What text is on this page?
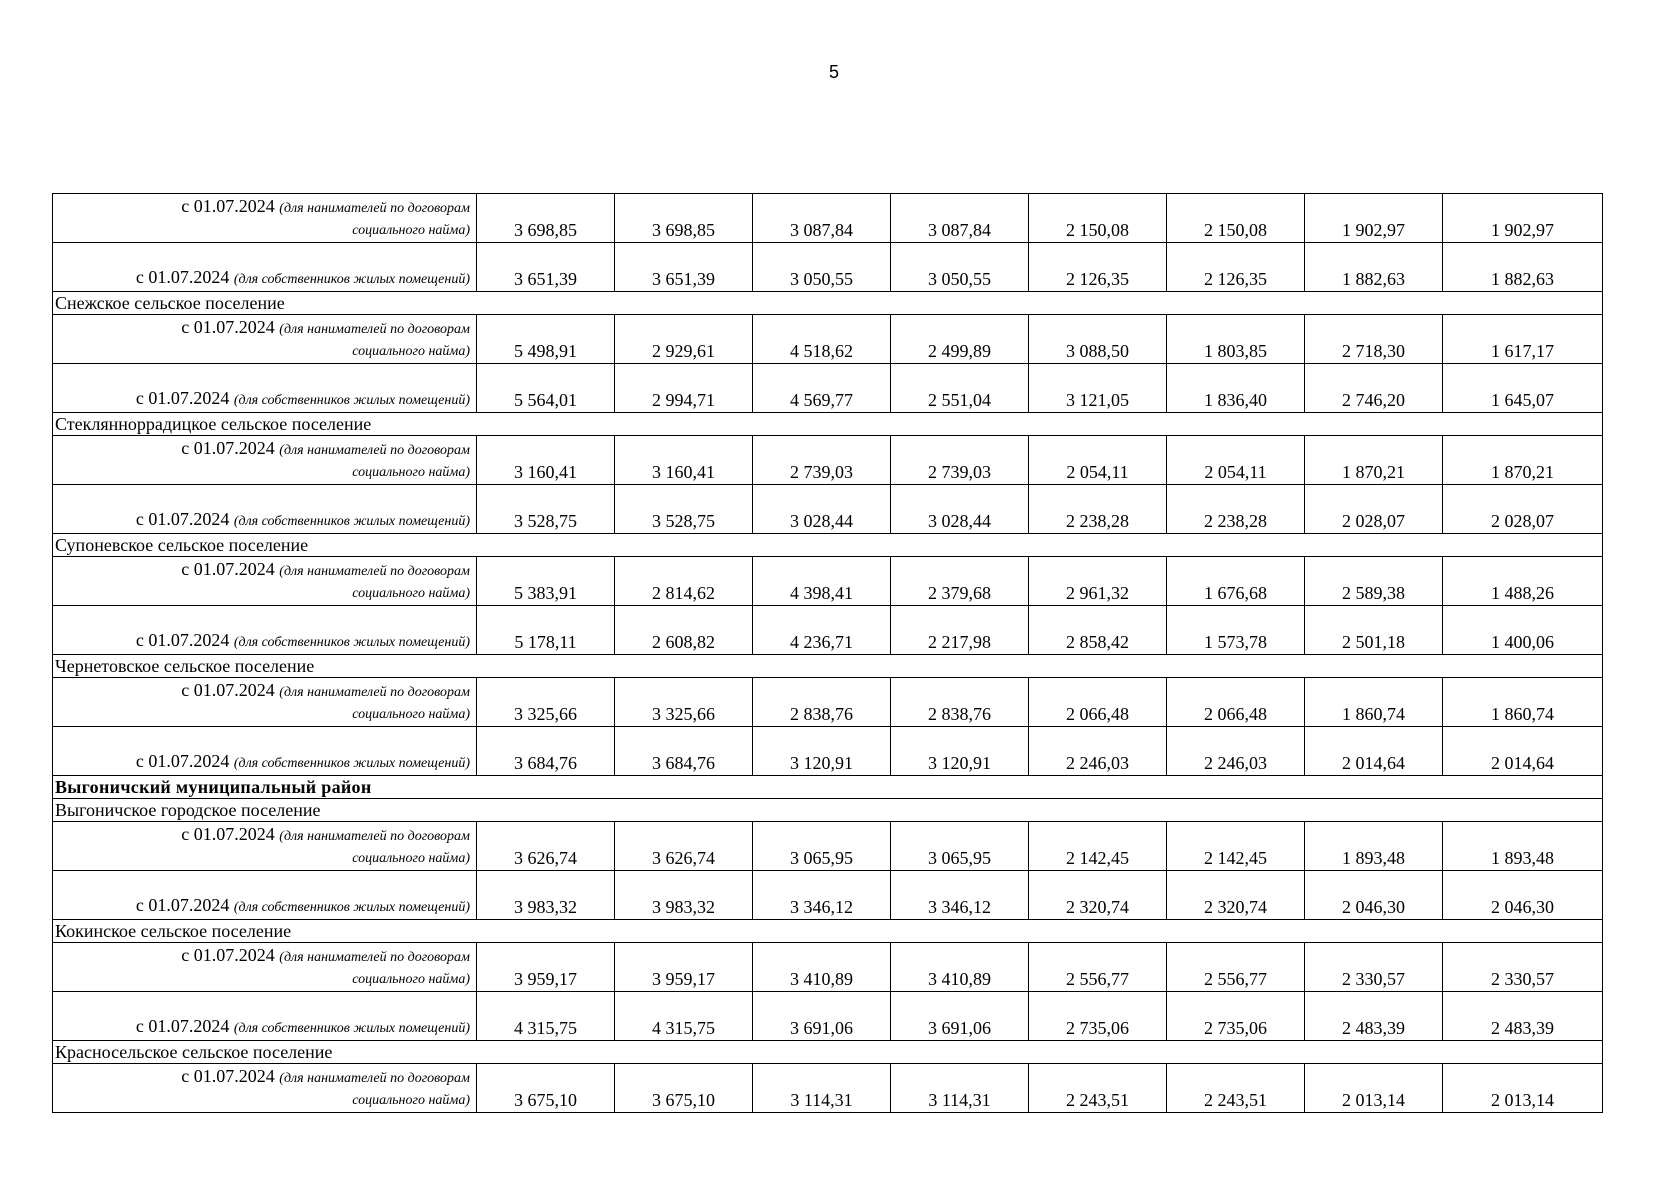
5
с 01.07.2024 (для нанимателей по договорам
социального найма)	3 698,85	3 698,85	3 087,84	3 087,84	2 150,08	2 150,08	1 902,97	1 902,97
с 01.07.2024 (для собственников жилых помещений)	3 651,39	3 651,39	3 050,55	3 050,55	2 126,35	2 126,35	1 882,63	1 882,63
Снежское сельское поселение								

с 01.07.2024 (для нанимателей по договорам
социального найма)	5 498,91	2 929,61	4 518,62	2 499,89	3 088,50	1 803,85	2 718,30	1 617,17
с 01.07.2024 (для собственников жилых помещений)	5 564,01	2 994,71	4 569,77	2 551,04	3 121,05	1 836,40	2 746,20	1 645,07
Стеклянноррадицкое сельское поселение								

с 01.07.2024 (для нанимателей по договорам
социального найма)	3 160,41	3 160,41	2 739,03	2 739,03	2 054,11	2 054,11	1 870,21	1 870,21
с 01.07.2024 (для собственников жилых помещений)	3 528,75	3 528,75	3 028,44	3 028,44	2 238,28	2 238,28	2 028,07	2 028,07
Супоневское сельское поселение								

с 01.07.2024 (для нанимателей по договорам
социального найма)	5 383,91	2 814,62	4 398,41	2 379,68	2 961,32	1 676,68	2 589,38	1 488,26
с 01.07.2024 (для собственников жилых помещений)	5 178,11	2 608,82	4 236,71	2 217,98	2 858,42	1 573,78	2 501,18	1 400,06
Чернетовское сельское поселение								

с 01.07.2024 (для нанимателей по договорам
социального найма)	3 325,66	3 325,66	2 838,76	2 838,76	2 066,48	2 066,48	1 860,74	1 860,74
с 01.07.2024 (для собственников жилых помещений)	3 684,76	3 684,76	3 120,91	3 120,91	2 246,03	2 246,03	2 014,64	2 014,64
Выгоничский муниципальный район								
Выгоничское городское поселение								

с 01.07.2024 (для нанимателей по договорам
социального найма)	3 626,74	3 626,74	3 065,95	3 065,95	2 142,45	2 142,45	1 893,48	1 893,48
с 01.07.2024 (для собственников жилых помещений)	3 983,32	3 983,32	3 346,12	3 346,12	2 320,74	2 320,74	2 046,30	2 046,30
Кокинское сельское поселение								

с 01.07.2024 (для нанимателей по договорам
социального найма)	3 959,17	3 959,17	3 410,89	3 410,89	2 556,77	2 556,77	2 330,57	2 330,57
с 01.07.2024 (для собственников жилых помещений)	4 315,75	4 315,75	3 691,06	3 691,06	2 735,06	2 735,06	2 483,39	2 483,39
Красносельское сельское поселение								

с 01.07.2024 (для нанимателей по договорам
социального найма)	3 675,10	3 675,10	3 114,31	3 114,31	2 243,51	2 243,51	2 013,14	2 013,14
